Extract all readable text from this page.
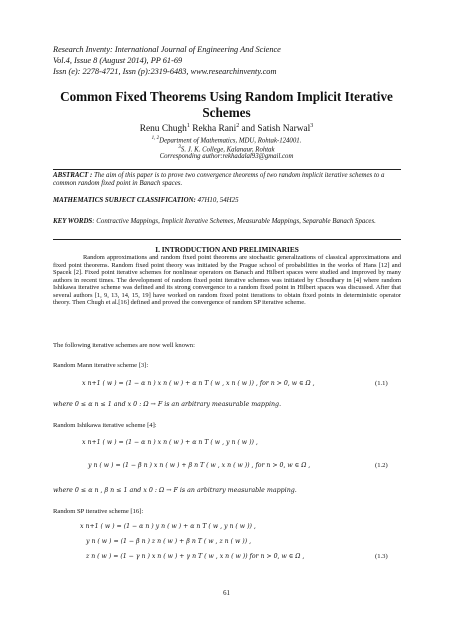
Research Inventy: International Journal of Engineering And Science
Vol.4, Issue 8 (August 2014), PP 61-69
Issn (e): 2278-4721, Issn (p):2319-6483, www.researchinventy.com
Common Fixed Theorems Using Random Implicit Iterative Schemes
Renu Chugh$^1$ Rekha Rani$^2$ and Satish Narwal$^3$
$^{1, 2}$Department of Mathematics, MDU, Rohtak-124001.
$^3$S. J. K. College, Kalanaur, Rohtak
Corresponding author:rekhadalal93@gmail.com
ABSTRACT : The aim of this paper is to prove two convergence theorems of two random implicit iterative schemes to a common random fixed point in Banach spaces.
MATHEMATICS SUBJECT CLASSIFICATION: 47H10, 54H25
KEY WORDS: Contractive Mappings, Implicit Iterative Schemes, Measurable Mappings, Separable Banach Spaces.
I. INTRODUCTION AND PRELIMINARIES
Random approximations and random fixed point theorems are stochastic generalizations of classical approximations and fixed point theorems. Random fixed point theory was initiated by the Prague school of probabilities in the works of Hans [12] and Spacek [2]. Fixed point iterative schemes for nonlinear operators on Banach and Hilbert spaces were studied and improved by many authors in recent times. The development of random fixed point iterative schemes was initiated by Choudhary in [4] where random Ishikawa iterative scheme was defined and its strong convergence to a random fixed point in Hilbert spaces was discussed. After that several authors [1, 9, 13, 14, 15, 19] have worked on random fixed point iterations to obtain fixed points in deterministic operator theory. Then Chugh et al.[16] defined and proved the convergence of random SP iterative scheme.
The following iterative schemes are now well known:
Random Mann iterative scheme [3]:
x n+1 ( w ) = (1 − α n ) x n ( w ) + α n T ( w , x n ( w )) , for n > 0, w ∈ Ω ,	(1.1)
where 0 ≤ α n ≤ 1 and x 0 : Ω → F is an arbitrary measurable mapping.
Random Ishikawa iterative scheme [4]:
x n+1 ( w ) = (1 − α n ) x n ( w ) + α n T ( w , y n ( w )) ,
y n ( w ) = (1 − β n ) x n ( w ) + β n T ( w , x n ( w )) , for n > 0, w ∈ Ω ,	(1.2)
where 0 ≤ α n , β n ≤ 1 and x 0 : Ω → F is an arbitrary measurable mapping.
Random SP iterative scheme [16]:
x n+1 ( w ) = (1 − α n ) y n ( w ) + α n T ( w , y n ( w )) ,
y n ( w ) = (1 − β n ) z n ( w ) + β n T ( w , z n ( w )) ,
z n ( w ) = (1 − γ n ) x n ( w ) + γ n T ( w , x n ( w )) for n > 0, w ∈ Ω ,	(1.3)
61
